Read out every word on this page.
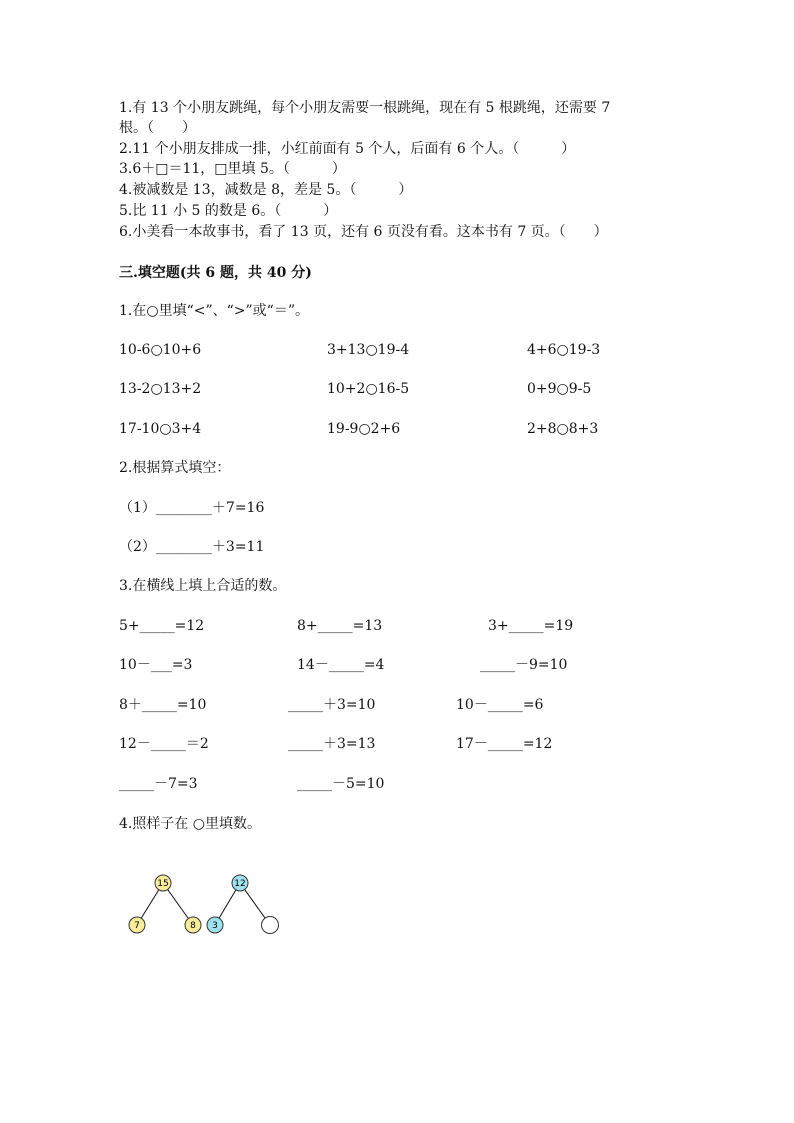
1.有 13 个小朋友跳绳，每个小朋友需要一根跳绳，现在有 5 根跳绳，还需要 7
根。（　　）
2.11 个小朋友排成一排，小红前面有 5 个人，后面有 6 个人。（　　　）
3.6＋□＝11，□里填 5。（　　　）
4.被减数是 13，减数是 8，差是 5。（　　　）
5.比 11 小 5 的数是 6。（　　　）
6.小美看一本故事书，看了 13 页，还有 6 页没有看。这本书有 7 页。（　　）
三.填空题(共 6 题，共 40 分)
1.在○里填“<”、“>”或“＝”。
10-6○10+6	3+13○19-4	4+6○19-3
13-2○13+2	10+2○16-5	0+9○9-5
17-10○3+4	19-9○2+6	2+8○8+3
2.根据算式填空：
（1）________＋7=16
（2）________＋3=11
3.在横线上填上合适的数。
5+_____=12	8+_____=13	3+_____=19
10－___=3	14－_____=4	_____－9=10
8＋_____=10	_____＋3=10	10－_____=6
12－_____＝2	_____＋3=13	17－_____=12
_____－7=3	_____－5=10
4.照样子在 ○里填数。
15
7	8
12
3
